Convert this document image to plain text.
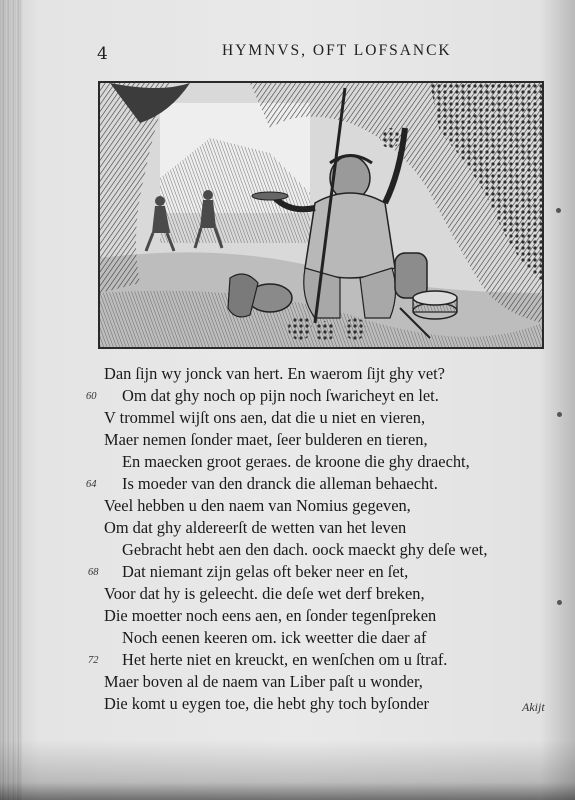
4	HYMNVS, OFT LOFSANCK
Dan ſijn wy jonck van hert. En waerom ſijt ghy vet?
60 Om dat ghy noch op pijn noch ſwaricheyt en let.
V trommel wijſt ons aen, dat die u niet en vieren,
Maer nemen ſonder maet, ſeer bulderen en tieren,
En maecken groot geraes. de kroone die ghy draecht,
64 Is moeder van den dranck die alleman behaecht.
Veel hebben u den naem van Nomius gegeven,
Om dat ghy aldereerſt de wetten van het leven
Gebracht hebt aen den dach. oock maeckt ghy deſe wet,
68 Dat niemant zijn gelas oft beker neer en ſet,
Voor dat hy is geleecht. die deſe wet derf breken,
Die moetter noch eens aen, en ſonder tegenſpreken
Noch eenen keeren om. ick weetter die daer af
72 Het herte niet en kreuckt, en wenſchen om u ſtraf.
Maer boven al de naem van Liber paſt u wonder,
Die komt u eygen toe, die hebt ghy toch byſonder	Akijt
